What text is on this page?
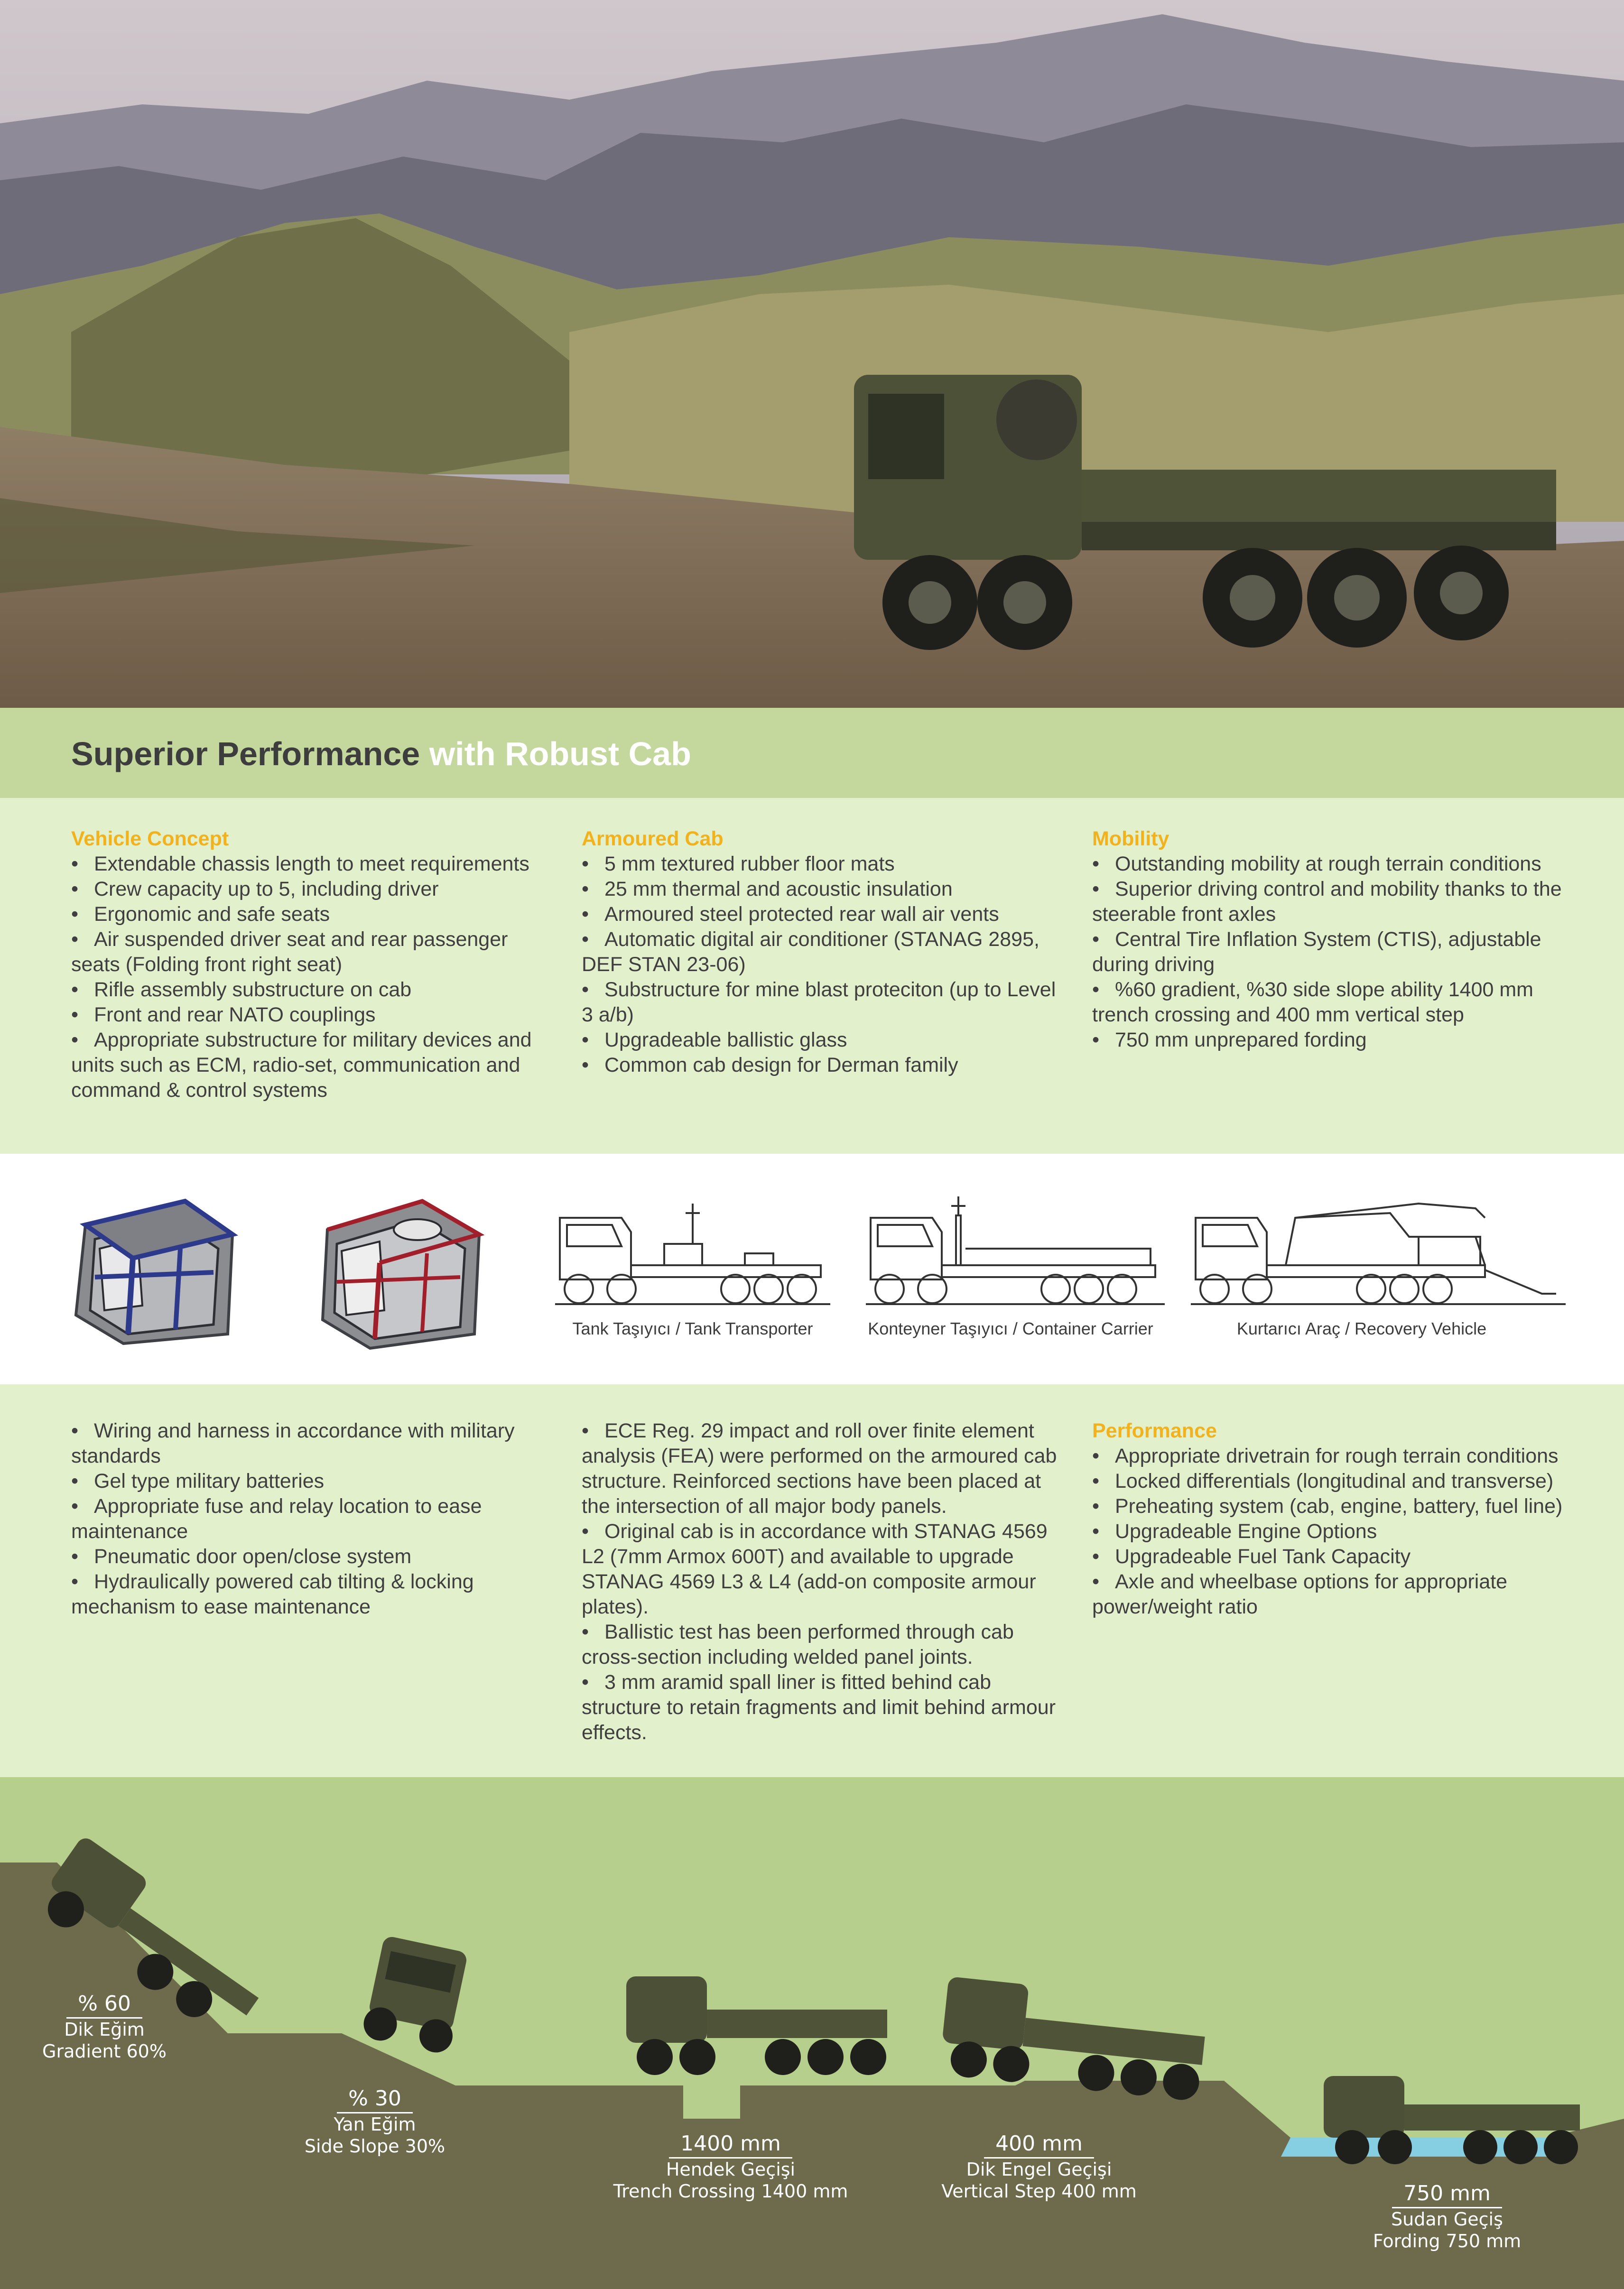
Superior Performance with Robust Cab
Vehicle Concept
• Extendable chassis length to meet requirements
• Crew capacity up to 5, including driver
• Ergonomic and safe seats
• Air suspended driver seat and rear passenger seats (Folding front right seat)
• Rifle assembly substructure on cab
• Front and rear NATO couplings
• Appropriate substructure for military devices and units such as ECM, radio-set, communication and command & control systems
Armoured Cab
• 5 mm textured rubber floor mats
• 25 mm thermal and acoustic insulation
• Armoured steel protected rear wall air vents
• Automatic digital air conditioner (STANAG 2895, DEF STAN 23-06)
• Substructure for mine blast proteciton (up to Level 3 a/b)
• Upgradeable ballistic glass
• Common cab design for Derman family
Mobility
• Outstanding mobility at rough terrain conditions
• Superior driving control and mobility thanks to the steerable front axles
• Central Tire Inflation System (CTIS), adjustable during driving
• %60 gradient, %30 side slope ability 1400 mm trench crossing and 400 mm vertical step
• 750 mm unprepared fording
Tank Taşıyıcı / Tank Transporter	Konteyner Taşıyıcı / Container Carrier	Kurtarıcı Araç / Recovery Vehicle
• Wiring and harness in accordance with military standards
• Gel type military batteries
• Appropriate fuse and relay location to ease maintenance
• Pneumatic door open/close system
• Hydraulically powered cab tilting & locking mechanism to ease maintenance
• ECE Reg. 29 impact and roll over finite element analysis (FEA) were performed on the armoured cab structure. Reinforced sections have been placed at the intersection of all major body panels.
• Original cab is in accordance with STANAG 4569 L2 (7mm Armox 600T) and available to upgrade STANAG 4569 L3 & L4 (add-on composite armour plates).
• Ballistic test has been performed through cab cross-section including welded panel joints.
• 3 mm aramid spall liner is fitted behind cab structure to retain fragments and limit behind armour effects.
Performance
• Appropriate drivetrain for rough terrain conditions
• Locked differentials (longitudinal and transverse)
• Preheating system (cab, engine, battery, fuel line)
• Upgradeable Engine Options
• Upgradeable Fuel Tank Capacity
• Axle and wheelbase options for appropriate power/weight ratio
% 60
Dik Eğim
Gradient 60%
% 30
Yan Eğim
Side Slope 30%	1400 mm
Hendek Geçişi
Trench Crossing 1400 mm
400 mm
Dik Engel Geçişi
Vertical Step 400 mm	750 mm
Sudan Geçiş
Fording 750 mm
